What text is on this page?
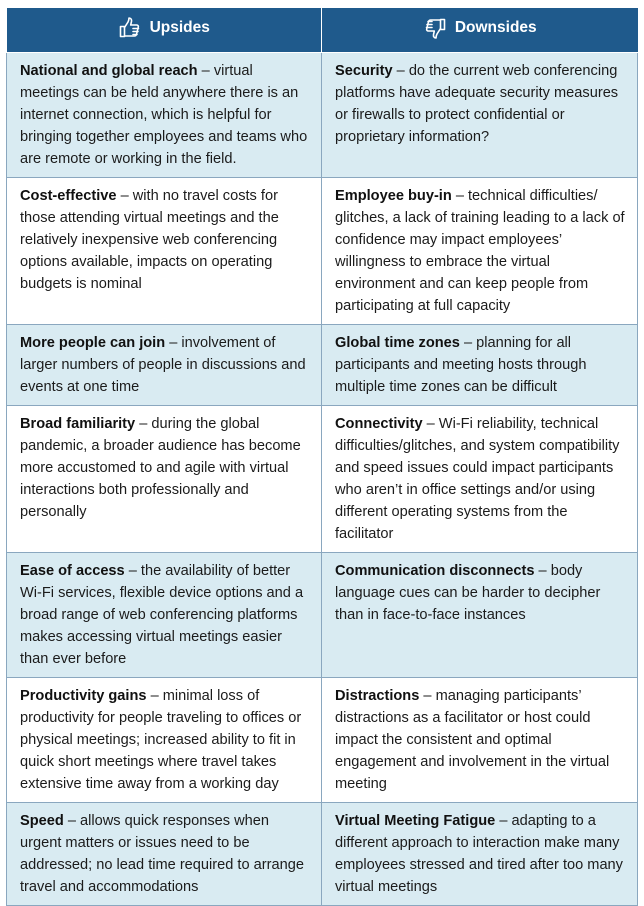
Upsides	Downsides

National and global reach – virtual meetings can be held anywhere there is an internet connection, which is helpful for bringing together employees and teams who are remote or working in the field.	Security – do the current web conferencing platforms have adequate security measures or firewalls to protect confidential or proprietary information?
Cost-effective – with no travel costs for those attending virtual meetings and the relatively inexpensive web conferencing options available, impacts on operating budgets is nominal	Employee buy-in – technical difficulties/ glitches, a lack of training leading to a lack of confidence may impact employees’ willingness to embrace the virtual environment and can keep people from participating at full capacity
More people can join – involvement of larger numbers of people in discussions and events at one time	Global time zones – planning for all participants and meeting hosts through multiple time zones can be difficult
Broad familiarity – during the global pandemic, a broader audience has become more accustomed to and agile with virtual interactions both professionally and personally	Connectivity – Wi-Fi reliability, technical difficulties/glitches, and system compatibility and speed issues could impact participants who aren’t in office settings and/or using different operating systems from the facilitator
Ease of access – the availability of better Wi-Fi services, flexible device options and a broad range of web conferencing platforms makes accessing virtual meetings easier than ever before	Communication disconnects – body language cues can be harder to decipher than in face-to-face instances
Productivity gains – minimal loss of productivity for people traveling to offices or physical meetings; increased ability to fit in quick short meetings where travel takes extensive time away from a working day	Distractions – managing participants’ distractions as a facilitator or host could impact the consistent and optimal engagement and involvement in the virtual meeting
Speed – allows quick responses when urgent matters or issues need to be addressed; no lead time required to arrange travel and accommodations	Virtual Meeting Fatigue – adapting to a different approach to interaction make many employees stressed and tired after too many virtual meetings
